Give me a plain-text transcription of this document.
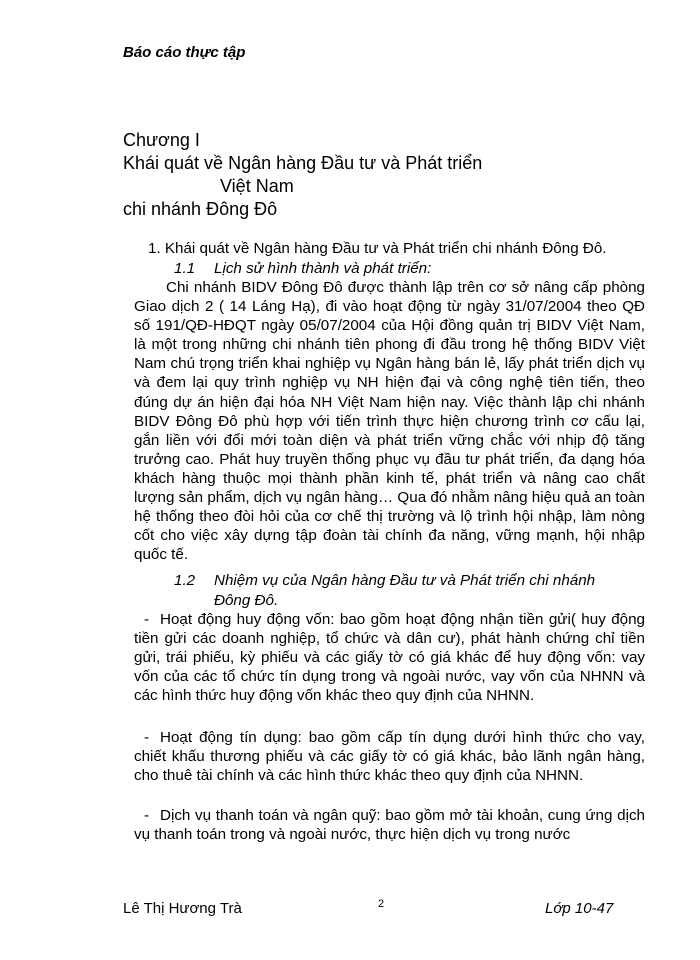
Báo cáo thực tập
Chương I
Khái quát về Ngân hàng Đầu tư và Phát triển
Việt Nam
chi nhánh Đông Đô
1. Khái quát về Ngân hàng Đầu tư và Phát triển chi nhánh Đông Đô.
1.1 Lịch sử hình thành và phát triển:
Chi nhánh BIDV Đông Đô được thành lập trên cơ sở nâng cấp phòng Giao dịch 2 ( 14 Láng Hạ), đi vào hoạt động từ ngày 31/07/2004 theo QĐ số 191/QĐ-HĐQT ngày 05/07/2004 của Hội đồng quản trị BIDV Việt Nam, là một trong những chi nhánh tiên phong đi đầu trong hệ thống BIDV Việt Nam chú trọng triển khai nghiệp vụ Ngân hàng bán lẻ, lấy phát triển dịch vụ và đem lại quy trình nghiệp vụ NH hiện đại và công nghệ tiên tiến, theo đúng dự án hiện đại hóa NH Việt Nam hiện nay. Việc thành lập chi nhánh BIDV Đông Đô phù hợp với tiến trình thực hiện chương trình cơ cấu lại, gắn liền với đổi mới toàn diện và phát triển vững chắc với nhịp độ tăng trưởng cao. Phát huy truyền thống phục vụ đầu tư phát triển, đa dạng hóa khách hàng thuộc mọi thành phần kinh tế, phát triển và nâng cao chất lượng sản phẩm, dịch vụ ngân hàng… Qua đó nhằm nâng hiệu quả an toàn hệ thống theo đòi hỏi của cơ chế thị trường và lộ trình hội nhập, làm nòng cốt cho việc xây dựng tập đoàn tài chính đa năng, vững mạnh, hội nhập quốc tế.
1.2 Nhiệm vụ của Ngân hàng Đầu tư và Phát triển chi nhánh
Đông Đô.
- Hoạt động huy động vốn: bao gồm hoạt động nhận tiền gửi( huy động tiền gửi các doanh nghiệp, tổ chức và dân cư), phát hành chứng chỉ tiền gửi, trái phiếu, kỳ phiếu và các giấy tờ có giá khác để huy động vốn: vay vốn của các tổ chức tín dụng trong và ngoài nước, vay vốn của NHNN và các hình thức huy động vốn khác theo quy định của NHNN.
- Hoạt động tín dụng: bao gồm cấp tín dụng dưới hình thức cho vay, chiết khấu thương phiếu và các giấy tờ có giá khác, bảo lãnh ngân hàng, cho thuê tài chính và các hình thức khác theo quy định của NHNN.
- Dịch vụ thanh toán và ngân quỹ: bao gồm mở tài khoản, cung ứng dịch vụ thanh toán trong và ngoài nước, thực hiện dịch vụ trong nước
Lê Thị Hương Trà	2	Lớp 10-47
